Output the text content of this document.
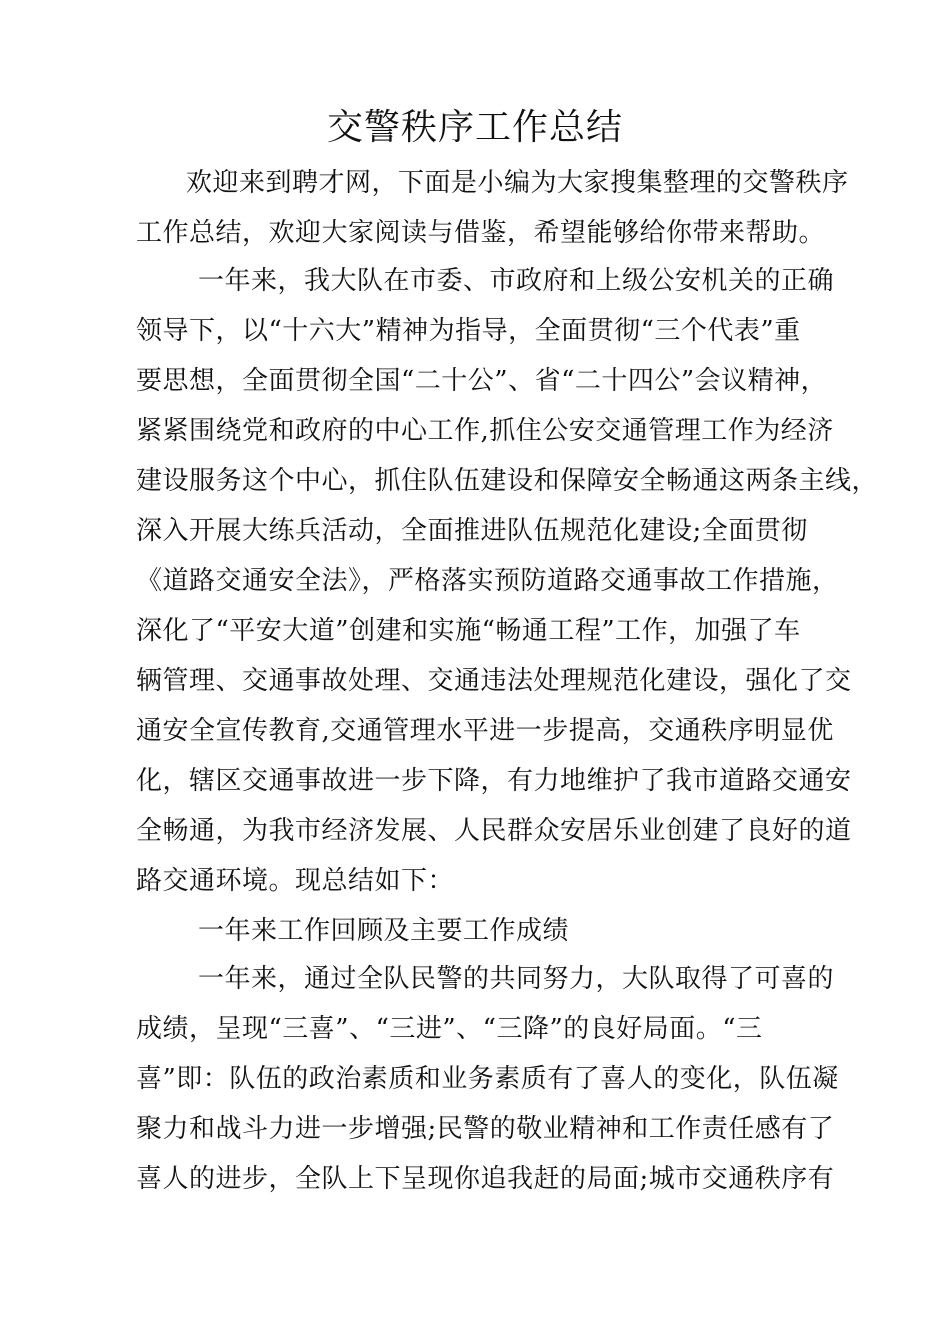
交警秩序工作总结

欢迎来到聘才网，下面是小编为大家搜集整理的交警秩序

工作总结，欢迎大家阅读与借鉴，希望能够给你带来帮助。

一年来，我大队在市委、市政府和上级公安机关的正确

领导下，以“十六大”精神为指导，全面贯彻“三个代表”重

要思想，全面贯彻全国“二十公”、省“二十四公”会议精神，

紧紧围绕党和政府的中心工作,抓住公安交通管理工作为经济

建设服务这个中心，抓住队伍建设和保障安全畅通这两条主线，

深入开展大练兵活动，全面推进队伍规范化建设;全面贯彻

《道路交通安全法》，严格落实预防道路交通事故工作措施，

深化了“平安大道”创建和实施“畅通工程”工作，加强了车

辆管理、交通事故处理、交通违法处理规范化建设，强化了交

通安全宣传教育,交通管理水平进一步提高，交通秩序明显优

化，辖区交通事故进一步下降，有力地维护了我市道路交通安

全畅通，为我市经济发展、人民群众安居乐业创建了良好的道

路交通环境。现总结如下：

一年来工作回顾及主要工作成绩

一年来，通过全队民警的共同努力，大队取得了可喜的

成绩，呈现“三喜”、“三进”、“三降”的良好局面。“三

喜”即：队伍的政治素质和业务素质有了喜人的变化，队伍凝

聚力和战斗力进一步增强;民警的敬业精神和工作责任感有了

喜人的进步，全队上下呈现你追我赶的局面;城市交通秩序有
